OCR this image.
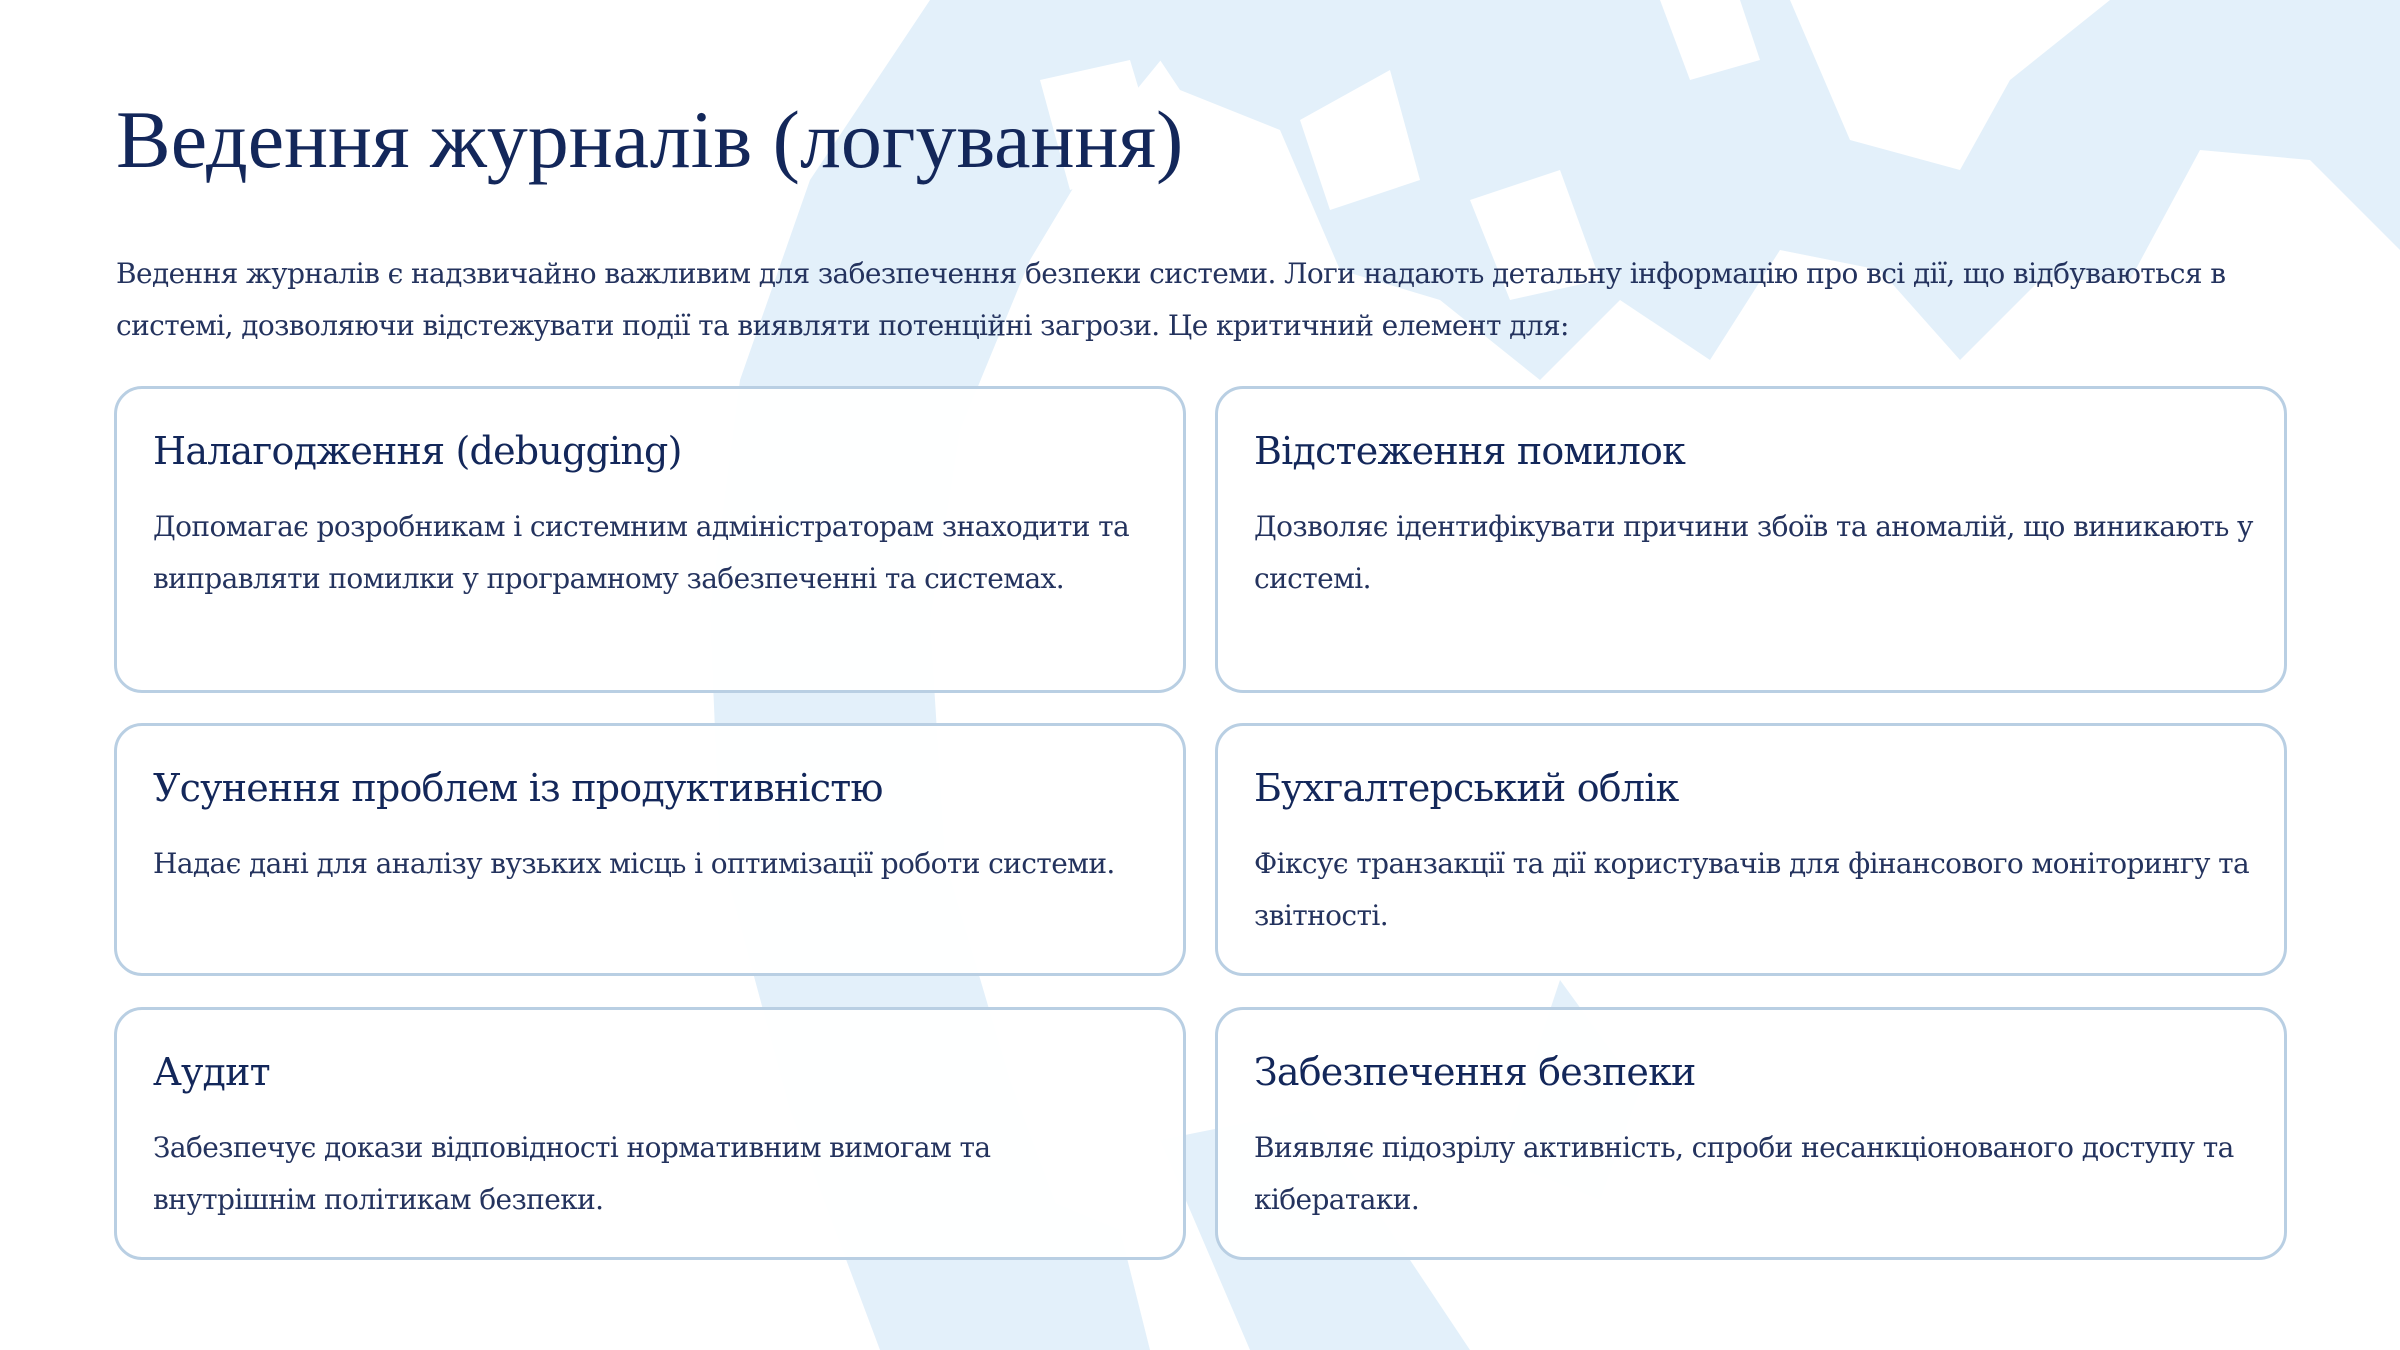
Ведення журналів (логування)

Ведення журналів є надзвичайно важливим для забезпечення безпеки системи. Логи надають детальну інформацію про всі дії, що відбуваються в системі, дозволяючи відстежувати події та виявляти потенційні загрози. Це критичний елемент для:

Налагодження (debugging)

Допомагає розробникам і системним адміністраторам знаходити та виправляти помилки у програмному забезпеченні та системах.

Відстеження помилок

Дозволяє ідентифікувати причини збоїв та аномалій, що виникають у системі.

Усунення проблем із продуктивністю

Надає дані для аналізу вузьких місць і оптимізації роботи системи.

Бухгалтерський облік

Фіксує транзакції та дії користувачів для фінансового моніторингу та звітності.

Аудит

Забезпечує докази відповідності нормативним вимогам та внутрішнім політикам безпеки.

Забезпечення безпеки

Виявляє підозрілу активність, спроби несанкціонованого доступу та кібератаки.
